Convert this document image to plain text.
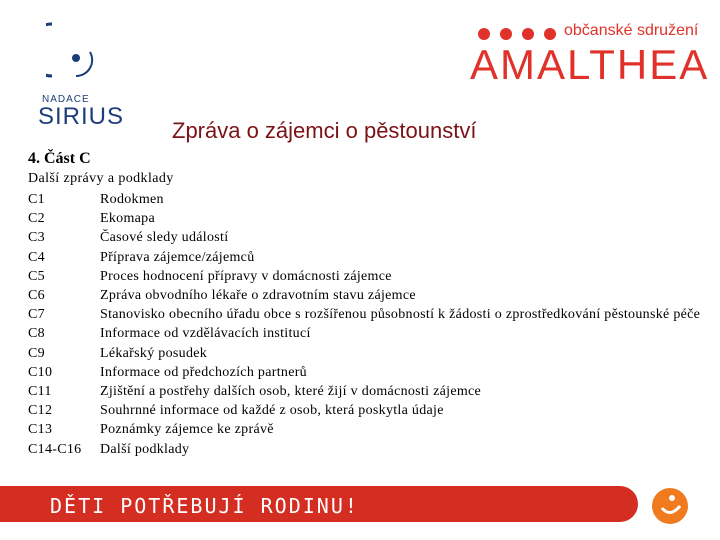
NADACE
SIRIUS
občanské sdružení
AMALTHEA
Zpráva o zájemci o pěstounství
4. Část C
Další zprávy a podklady
C1	Rodokmen
C2	Ekomapa
C3	Časové sledy událostí
C4	Příprava zájemce/zájemců
C5	Proces hodnocení přípravy v domácnosti zájemce
C6	Zpráva obvodního lékaře o zdravotním stavu zájemce
C7	Stanovisko obecního úřadu obce s rozšířenou působností k žádosti o zprostředkování pěstounské péče
C8	Informace od vzdělávacích institucí
C9	Lékařský posudek
C10	Informace od předchozích partnerů
C11	Zjištění a postřehy dalších osob, které žijí v domácnosti zájemce
C12	Souhrnné informace od každé z osob, která poskytla údaje
C13	Poznámky zájemce ke zprávě
C14-C16	Další podklady
DĚTI POTŘEBUJÍ RODINU!
